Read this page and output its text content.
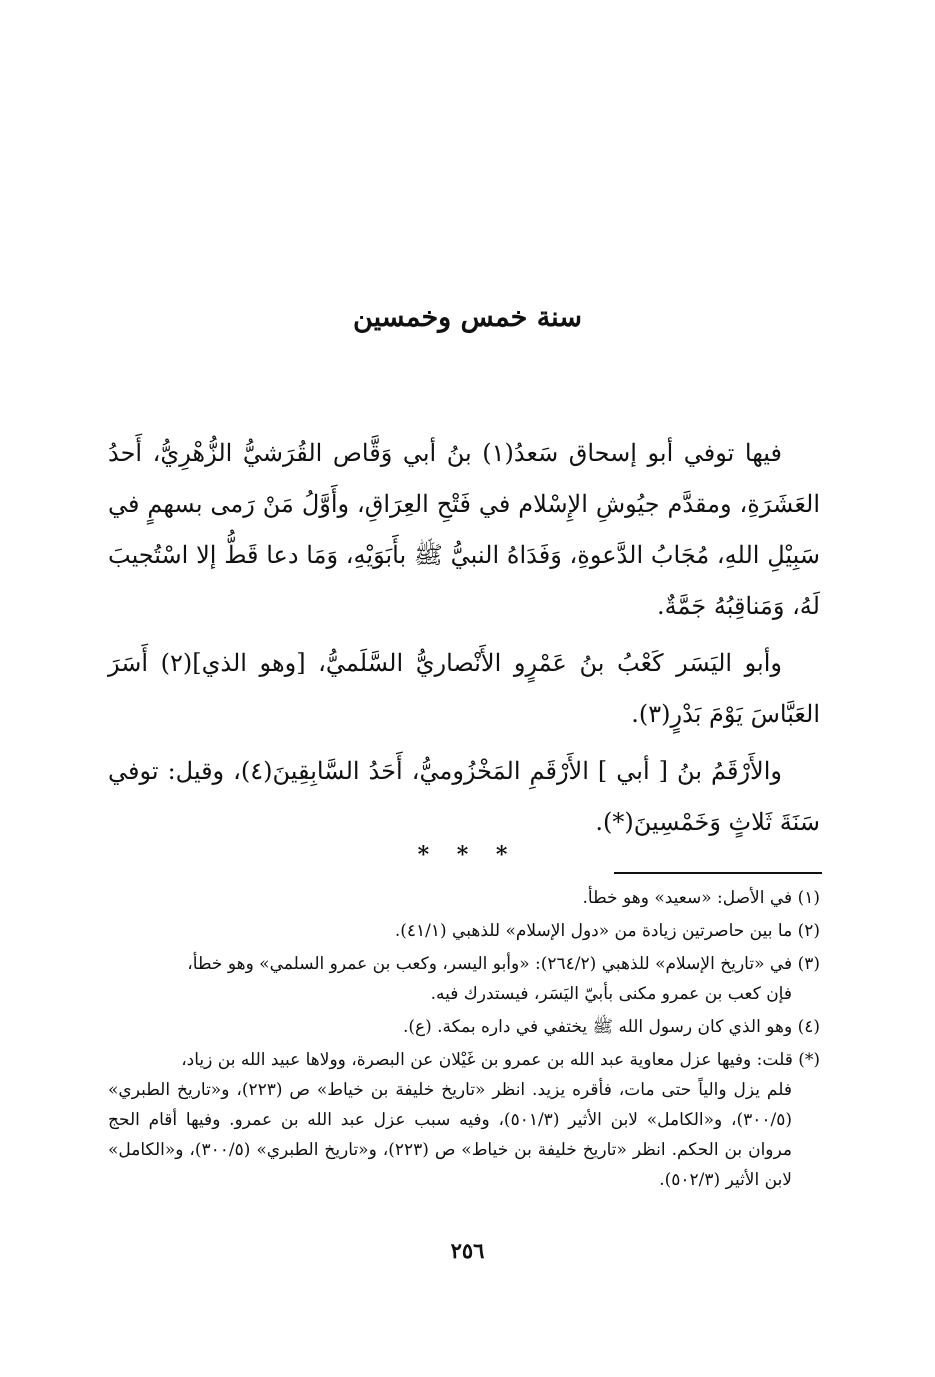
سنة خمس وخمسين

فيها توفي أبو إسحاق سَعدُ(١) بنُ أبي وَقَّاص القُرَشيُّ الزُّهْرِيُّ، أَحدُ العَشَرَةِ، ومقدَّم جيُوشِ الإِسْلام في فَتْحِ العِرَاقِ، وأَوَّلُ مَنْ رَمى بسهمٍ في سَبِيْلِ اللهِ، مُجَابُ الدَّعوةِ، وَفَدَاهُ النبيُّ ﷺ بأَبَوَيْهِ، وَمَا دعا قَطُّ إلا اسْتُجيبَ لَهُ، وَمَناقِبُهُ جَمَّةٌ.

وأبو اليَسَر كَعْبُ بنُ عَمْرٍو الأَنْصاريُّ السَّلَميُّ، [وهو الذي](٢) أَسَرَ العَبَّاسَ يَوْمَ بَدْرٍ(٣).

والأَرْقَمُ بنُ [ أبي ] الأَرْقَمِ المَخْزُوميُّ، أَحَدُ السَّابِقِينَ(٤)، وقيل: توفي سَنَةَ ثَلاثٍ وَخَمْسِينَ(*).

* * *
(١) في الأصل: «سعيد» وهو خطأ.
(٢) ما بين حاصرتين زيادة من «دول الإسلام» للذهبي (٤١/١).
(٣) في «تاريخ الإسلام» للذهبي (٢٦٤/٢): «وأبو اليسر، وكعب بن عمرو السلمي» وهو خطأ،
فإن كعب بن عمرو مكنى بأبيّ اليَسَر، فيستدرك فيه.
(٤) وهو الذي كان رسول الله ﷺ يختفي في داره بمكة. (ع).
(*) قلت: وفيها عزل معاوية عبد الله بن عمرو بن غَيْلان عن البصرة، وولاها عبيد الله بن زياد،
فلم يزل والياً حتى مات، فأقره يزيد. انظر «تاريخ خليفة بن خياط» ص (٢٢٣)، و«تاريخ الطبري» (٣٠٠/٥)، و«الكامل» لابن الأثير (٥٠١/٣)، وفيه سبب عزل عبد الله بن عمرو. وفيها أقام الحج مروان بن الحكم. انظر «تاريخ خليفة بن خياط» ص (٢٢٣)، و«تاريخ الطبري» (٣٠٠/٥)، و«الكامل» لابن الأثير (٥٠٢/٣).
٢٥٦
